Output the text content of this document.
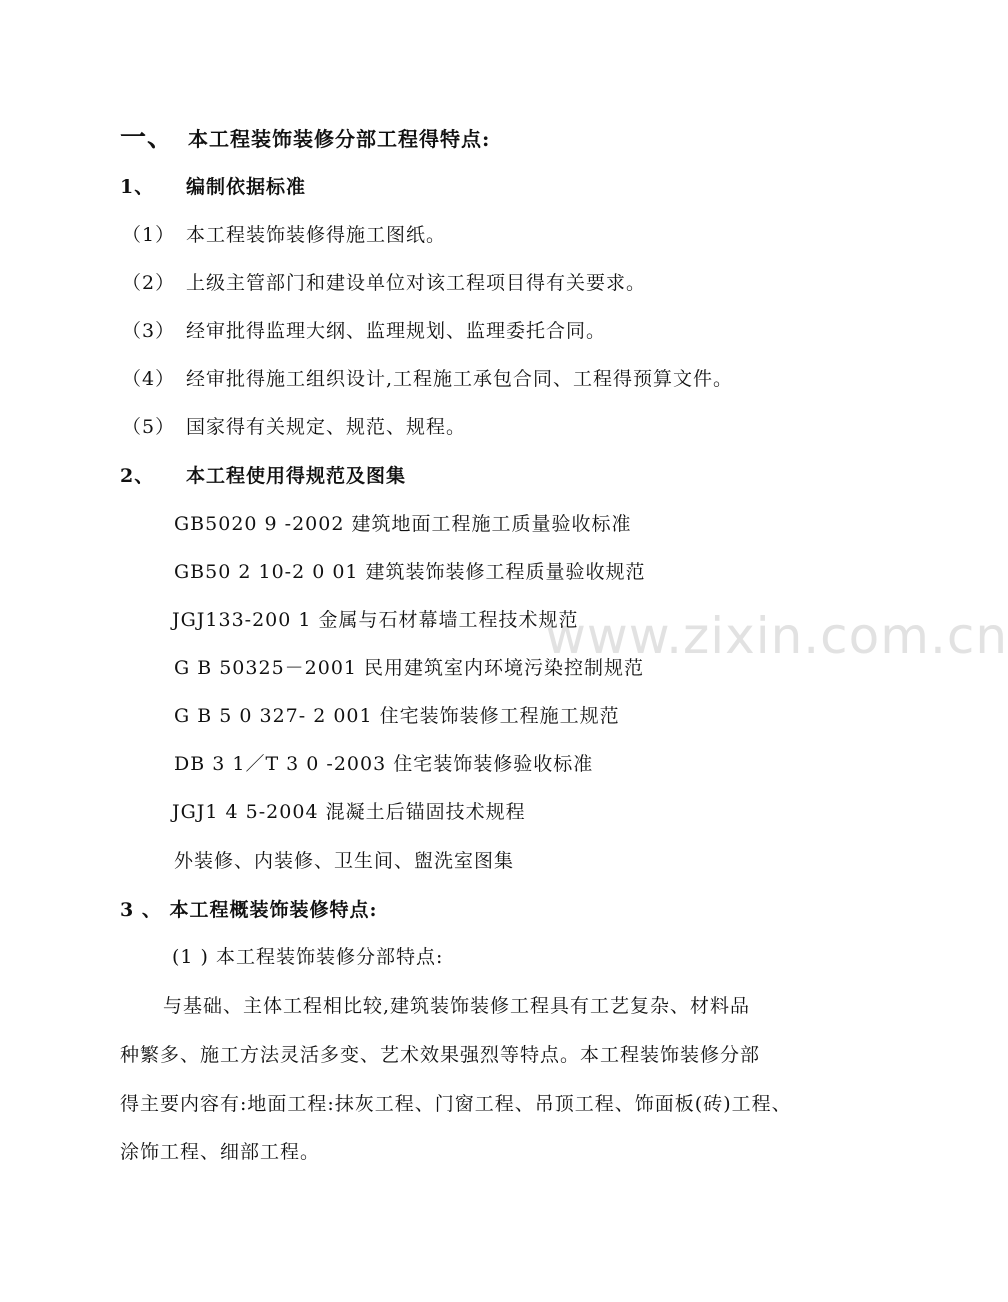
www.zixin.com.cn
一、 本工程装饰装修分部工程得特点:
1、 编制依据标准
（1） 本工程装饰装修得施工图纸。
（2） 上级主管部门和建设单位对该工程项目得有关要求。
（3） 经审批得监理大纲、监理规划、监理委托合同。
（4） 经审批得施工组织设计,工程施工承包合同、工程得预算文件。
（5） 国家得有关规定、规范、规程。
2、 本工程使用得规范及图集
GB5020 9 -2002 建筑地面工程施工质量验收标准
GB50 2 10-2 0 01 建筑装饰装修工程质量验收规范
JGJ133-200 1 金属与石材幕墙工程技术规范
G B 50325－2001 民用建筑室内环境污染控制规范
G B 5 0 327- 2 001 住宅装饰装修工程施工规范
DB 3 1／T 3 0 -2003 住宅装饰装修验收标准
JGJ1 4 5-2004 混凝土后锚固技术规程
外装修、内装修、卫生间、盥洗室图集
3 、 本工程概装饰装修特点:
(1 ) 本工程装饰装修分部特点:
与基础、主体工程相比较,建筑装饰装修工程具有工艺复杂、材料品
种繁多、施工方法灵活多变、艺术效果强烈等特点。本工程装饰装修分部
得主要内容有:地面工程:抹灰工程、门窗工程、吊顶工程、饰面板(砖)工程、
涂饰工程、细部工程。
